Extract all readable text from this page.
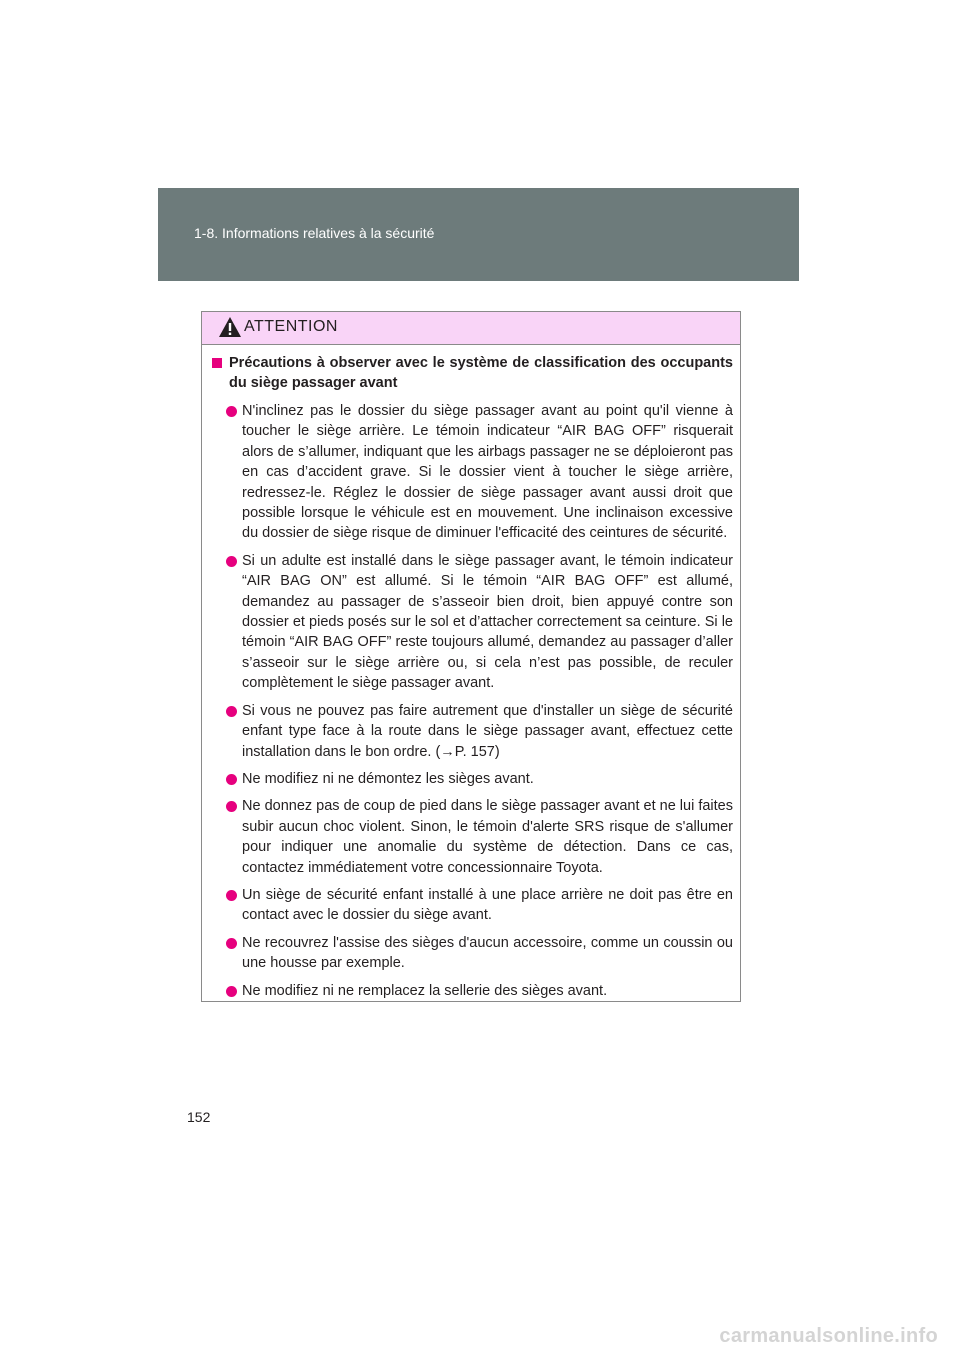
1-8. Informations relatives à la sécurité
ATTENTION
Précautions à observer avec le système de classification des occupants du siège passager avant
N'inclinez pas le dossier du siège passager avant au point qu'il vienne à toucher le siège arrière. Le témoin indicateur “AIR BAG OFF” risquerait alors de s’allumer, indiquant que les airbags passager ne se déploieront pas en cas d’accident grave. Si le dossier vient à toucher le siège arrière, redressez-le. Réglez le dossier de siège passager avant aussi droit que possible lorsque le véhicule est en mouvement. Une inclinaison excessive du dossier de siège risque de diminuer l'efficacité des ceintures de sécurité.
Si un adulte est installé dans le siège passager avant, le témoin indicateur “AIR BAG ON” est allumé. Si le témoin “AIR BAG OFF” est allumé, demandez au passager de s’asseoir bien droit, bien appuyé contre son dossier et pieds posés sur le sol et d’attacher correctement sa ceinture. Si le témoin “AIR BAG OFF” reste toujours allumé, demandez au passager d’aller s’asseoir sur le siège arrière ou, si cela n’est pas possible, de reculer complètement le siège passager avant.
Si vous ne pouvez pas faire autrement que d'installer un siège de sécurité enfant type face à la route dans le siège passager avant, effectuez cette installation dans le bon ordre. (→P. 157)
Ne modifiez ni ne démontez les sièges avant.
Ne donnez pas de coup de pied dans le siège passager avant et ne lui faites subir aucun choc violent. Sinon, le témoin d'alerte SRS risque de s'allumer pour indiquer une anomalie du système de détection. Dans ce cas, contactez immédiatement votre concessionnaire Toyota.
Un siège de sécurité enfant installé à une place arrière ne doit pas être en contact avec le dossier du siège avant.
Ne recouvrez l'assise des sièges d'aucun accessoire, comme un coussin ou une housse par exemple.
Ne modifiez ni ne remplacez la sellerie des sièges avant.
152
carmanualsonline.info
